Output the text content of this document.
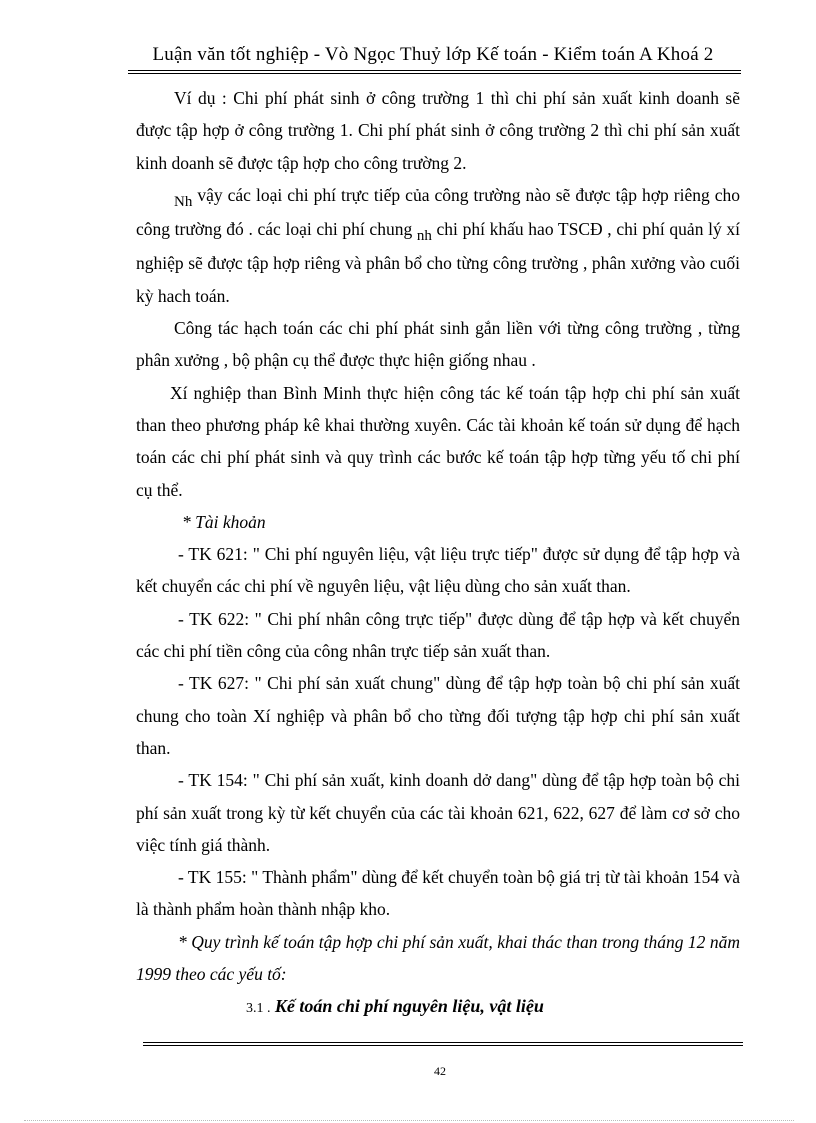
Luận văn tốt nghiệp - Vò Ngọc Thuỷ lớp Kế toán - Kiểm toán A Khoá 2

Ví dụ : Chi phí phát sinh ở công trường 1 thì chi phí sản xuất kinh doanh sẽ được tập hợp ở công trường 1. Chi phí phát sinh ở công trường 2 thì chi phí sản xuất kinh doanh sẽ được tập hợp cho công trường 2.

Nh vậy các loại chi phí trực tiếp của công trường nào sẽ được tập hợp riêng cho công trường đó . các loại chi phí chung nh chi phí khấu hao TSCĐ , chi phí quản lý xí nghiệp sẽ được tập hợp riêng và phân bổ cho từng công trường , phân xưởng vào cuối kỳ hach toán.

Công tác hạch toán các chi phí phát sinh gắn liền với từng công trường , từng phân xưởng , bộ phận cụ thể được thực hiện giống nhau .

Xí nghiệp than Bình Minh thực hiện công tác kế toán tập hợp chi phí sản xuất than theo phương pháp kê khai thường xuyên. Các tài khoản kế toán sử dụng để hạch toán các chi phí phát sinh và quy trình các bước kế toán tập hợp từng yếu tố chi phí cụ thể.

* Tài khoản

- TK 621: " Chi phí nguyên liệu, vật liệu trực tiếp" được sử dụng để tập hợp và kết chuyển các chi phí về nguyên liệu, vật liệu dùng cho sản xuất than.

- TK 622: " Chi phí nhân công trực tiếp" được dùng để tập hợp và kết chuyển các chi phí tiền công của công nhân trực tiếp sản xuất than.

- TK 627: " Chi phí sản xuất chung" dùng để tập hợp toàn bộ chi phí sản xuất chung cho toàn Xí nghiệp và phân bổ cho từng đối tượng tập hợp chi phí sản xuất than.

- TK 154: " Chi phí sản xuất, kinh doanh dở dang" dùng để tập hợp toàn bộ chi phí sản xuất trong kỳ từ kết chuyển của các tài khoản 621, 622, 627 để làm cơ sở cho việc tính giá thành.

- TK 155: " Thành phẩm" dùng để kết chuyển toàn bộ giá trị từ tài khoản 154 và là thành phẩm hoàn thành nhập kho.

* Quy trình kế toán tập hợp chi phí sản xuất, khai thác than trong tháng 12 năm 1999 theo các yếu tố:

3.1 . Kế toán chi phí nguyên liệu, vật liệu

42
